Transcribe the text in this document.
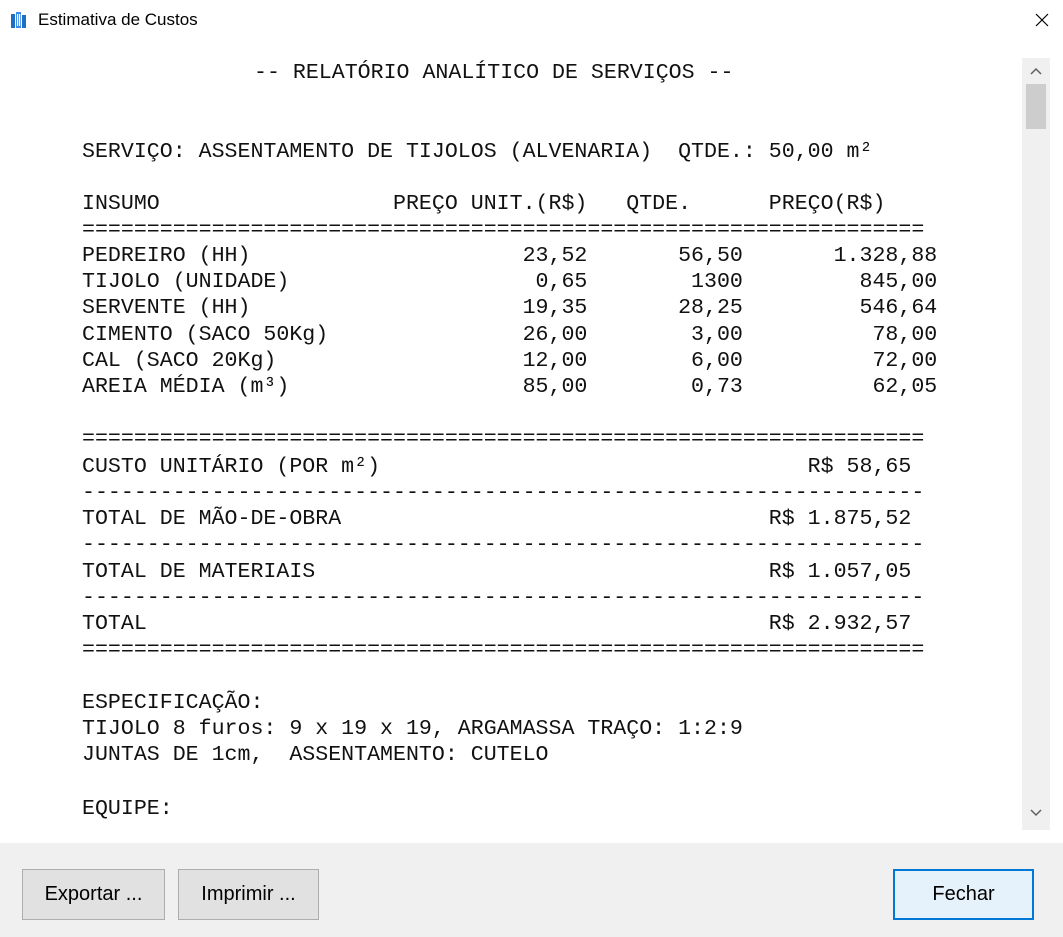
Estimativa de Custos
-- RELATÓRIO ANALÍTICO DE SERVIÇOS --
SERVIÇO: ASSENTAMENTO DE TIJOLOS (ALVENARIA)  QTDE.: 50,00 m²
INSUMO                  PREÇO UNIT.(R$)   QTDE.      PREÇO(R$)
=================================================================
PEDREIRO (HH)                     23,52       56,50       1.328,88
TIJOLO (UNIDADE)                   0,65        1300         845,00
SERVENTE (HH)                     19,35       28,25         546,64
CIMENTO (SACO 50Kg)               26,00        3,00          78,00
CAL (SACO 20Kg)                   12,00        6,00          72,00
AREIA MÉDIA (m³)                  85,00        0,73          62,05
=================================================================
CUSTO UNITÁRIO (POR m²)                                 R$ 58,65
-----------------------------------------------------------------
TOTAL DE MÃO-DE-OBRA                                 R$ 1.875,52
-----------------------------------------------------------------
TOTAL DE MATERIAIS                                   R$ 1.057,05
-----------------------------------------------------------------
TOTAL                                                R$ 2.932,57
=================================================================
ESPECIFICAÇÃO:
TIJOLO 8 furos: 9 x 19 x 19, ARGAMASSA TRAÇO: 1:2:9
JUNTAS DE 1cm,  ASSENTAMENTO: CUTELO
EQUIPE:
Exportar ...	Imprimir ...	Fechar
